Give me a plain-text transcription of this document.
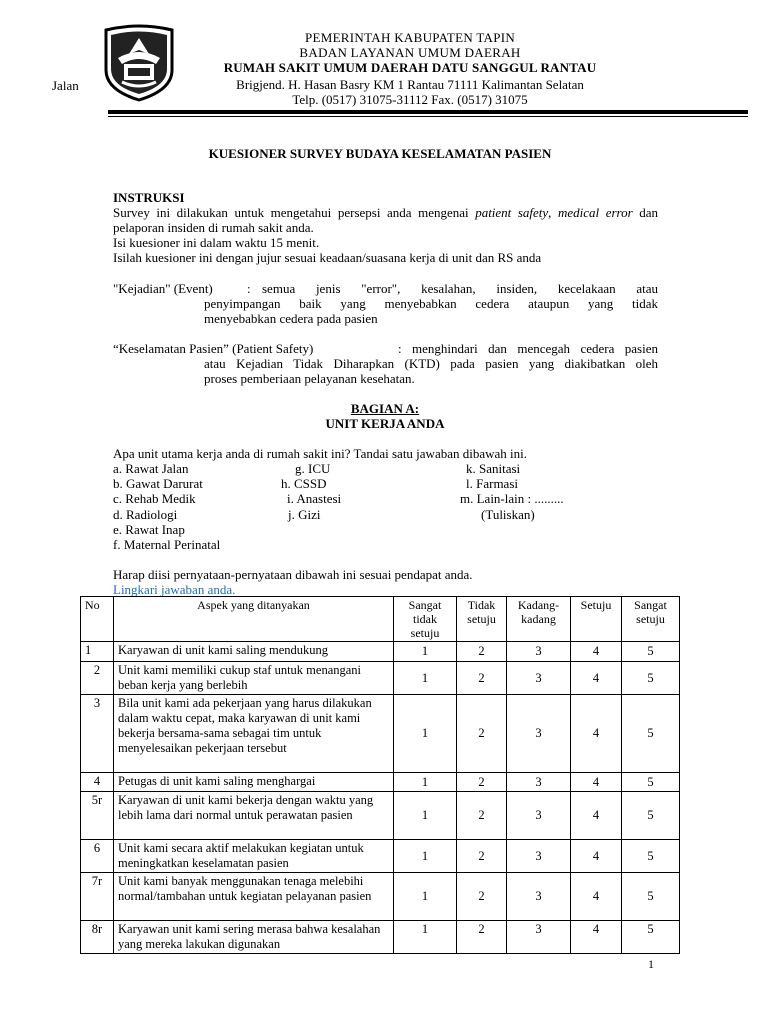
Jalan
PEMERINTAH KABUPATEN TAPIN
BADAN LAYANAN UMUM DAERAH
RUMAH SAKIT UMUM DAERAH DATU SANGGUL RANTAU
Brigjend. H. Hasan Basry KM 1 Rantau 71111 Kalimantan Selatan
Telp. (0517) 31075-31112 Fax. (0517) 31075
KUESIONER SURVEY BUDAYA KESELAMATAN PASIEN
INSTRUKSI
Survey ini dilakukan untuk mengetahui persepsi anda mengenai patient safety, medical error dan pelaporan insiden di rumah sakit anda.
Isi kuesioner ini dalam waktu 15 menit.
Isilah kuesioner ini dengan jujur sesuai keadaan/suasana kerja di unit dan RS anda
"Kejadian" (Event)	: semua jenis "error", kesalahan, insiden, kecelakaan atau
penyimpangan baik yang menyebabkan cedera ataupun yang tidak
menyebabkan cedera pada pasien
“Keselamatan Pasien” (Patient Safety)	: menghindari dan mencegah cedera pasien
atau Kejadian Tidak Diharapkan (KTD) pada pasien yang diakibatkan oleh
proses pemberiaan pelayanan kesehatan.
BAGIAN A:
UNIT KERJA ANDA
Apa unit utama kerja anda di rumah sakit ini? Tandai satu jawaban dibawah ini.
a. Rawat Jalan
b. Gawat Darurat
c. Rehab Medik
d. Radiologi
e. Rawat Inap
f. Maternal Perinatal
g. ICU
h. CSSD
i. Anastesi
j. Gizi
k. Sanitasi
l. Farmasi
m. Lain-lain : .........
(Tuliskan)
Harap diisi pernyataan-pernyataan dibawah ini sesuai pendapat anda.
Lingkari jawaban anda.
No	Aspek yang ditanyakan	Sangat
tidak
setuju	Tidak
setuju	Kadang-
kadang	Setuju	Sangat
setuju
1	Karyawan di unit kami saling mendukung	1	2	3	4	5
2	Unit kami memiliki cukup staf untuk menangani beban kerja yang berlebih	1	2	3	4	5
3	Bila unit kami ada pekerjaan yang harus dilakukan dalam waktu cepat, maka karyawan di unit kami bekerja bersama-sama sebagai tim untuk menyelesaikan pekerjaan tersebut	1	2	3	4	5
4	Petugas di unit kami saling menghargai	1	2	3	4	5
5r	Karyawan di unit kami bekerja dengan waktu yang lebih lama dari normal untuk perawatan pasien	1	2	3	4	5
6	Unit kami secara aktif melakukan kegiatan untuk meningkatkan keselamatan pasien	1	2	3	4	5
7r	Unit kami banyak menggunakan tenaga melebihi normal/tambahan untuk kegiatan pelayanan pasien	1	2	3	4	5
8r	Karyawan unit kami sering merasa bahwa kesalahan yang mereka lakukan digunakan	1	2	3	4	5
1
